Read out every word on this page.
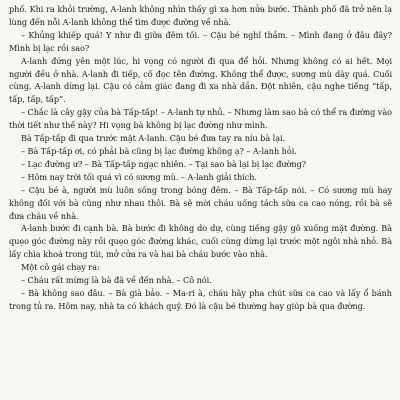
phố. Khi ra khỏi trường, A-lanh không nhìn thấy gì xa hơn nửa bước. Thành phố đã trở nên lạ lùng đến nỗi A-lanh không thể tìm được đường về nhà.

– Khủng khiếp quá! Y như đi giữa đêm tối. – Cậu bé nghĩ thầm. – Mình đang ở đâu đây? Mình bị lạc rồi sao?

A-lanh đứng yên một lúc, hi vọng có người đi qua để hỏi. Nhưng không có ai hết. Mọi người đều ở nhà. A-lanh đi tiếp, cố đọc tên đường. Không thể được, sương mù dày quá. Cuối cùng, A-lanh dừng lại. Cậu có cảm giác đang đi xa nhà dần. Đột nhiên, cậu nghe tiếng “tấp, tấp, tấp, tấp”.

– Chắc là cây gậy của bà Tấp-tấp! – A-lanh tự nhủ. – Nhưng làm sao bà có thể ra đường vào thời tiết như thế này? Hi vọng bà không bị lạc đường như mình.

Bà Tấp-tấp đi qua trước mặt A-lanh. Cậu bé đưa tay ra níu bà lại.

– Bà Tấp-tấp ơi, có phải bà cũng bị lạc đường không ạ? – A-lanh hỏi.

– Lạc đường ư? – Bà Tấp-tấp ngạc nhiên. – Tại sao bà lại bị lạc đường?

– Hôm nay trời tối quá vì có sương mù. – A-lanh giải thích.

– Cậu bé à, người mù luôn sống trong bóng đêm. – Bà Tấp-tấp nói. – Có sương mù hay không đối với bà cũng như nhau thôi. Bà sẽ mời cháu uống tách sữa ca cao nóng, rồi bà sẽ đưa cháu về nhà.

A-lanh bước đi cạnh bà. Bà bước đi không do dự, cùng tiếng gậy gõ xuống mặt đường. Bà quẹo góc đường này rồi quẹo góc đường khác, cuối cùng dừng lại trước một ngôi nhà nhỏ. Bà lấy chìa khoá trong túi, mở cửa ra và hai bà cháu bước vào nhà.

Một cô gái chạy ra:

– Cháu rất mừng là bà đã về đến nhà. – Cô nói.

– Bà không sao đâu. – Bà già bảo. – Ma-ri à, cháu hãy pha chút sữa ca cao và lấy ổ bánh trong tủ ra. Hôm nay, nhà ta có khách quý. Đó là cậu bé thường hay giúp bà qua đường.
